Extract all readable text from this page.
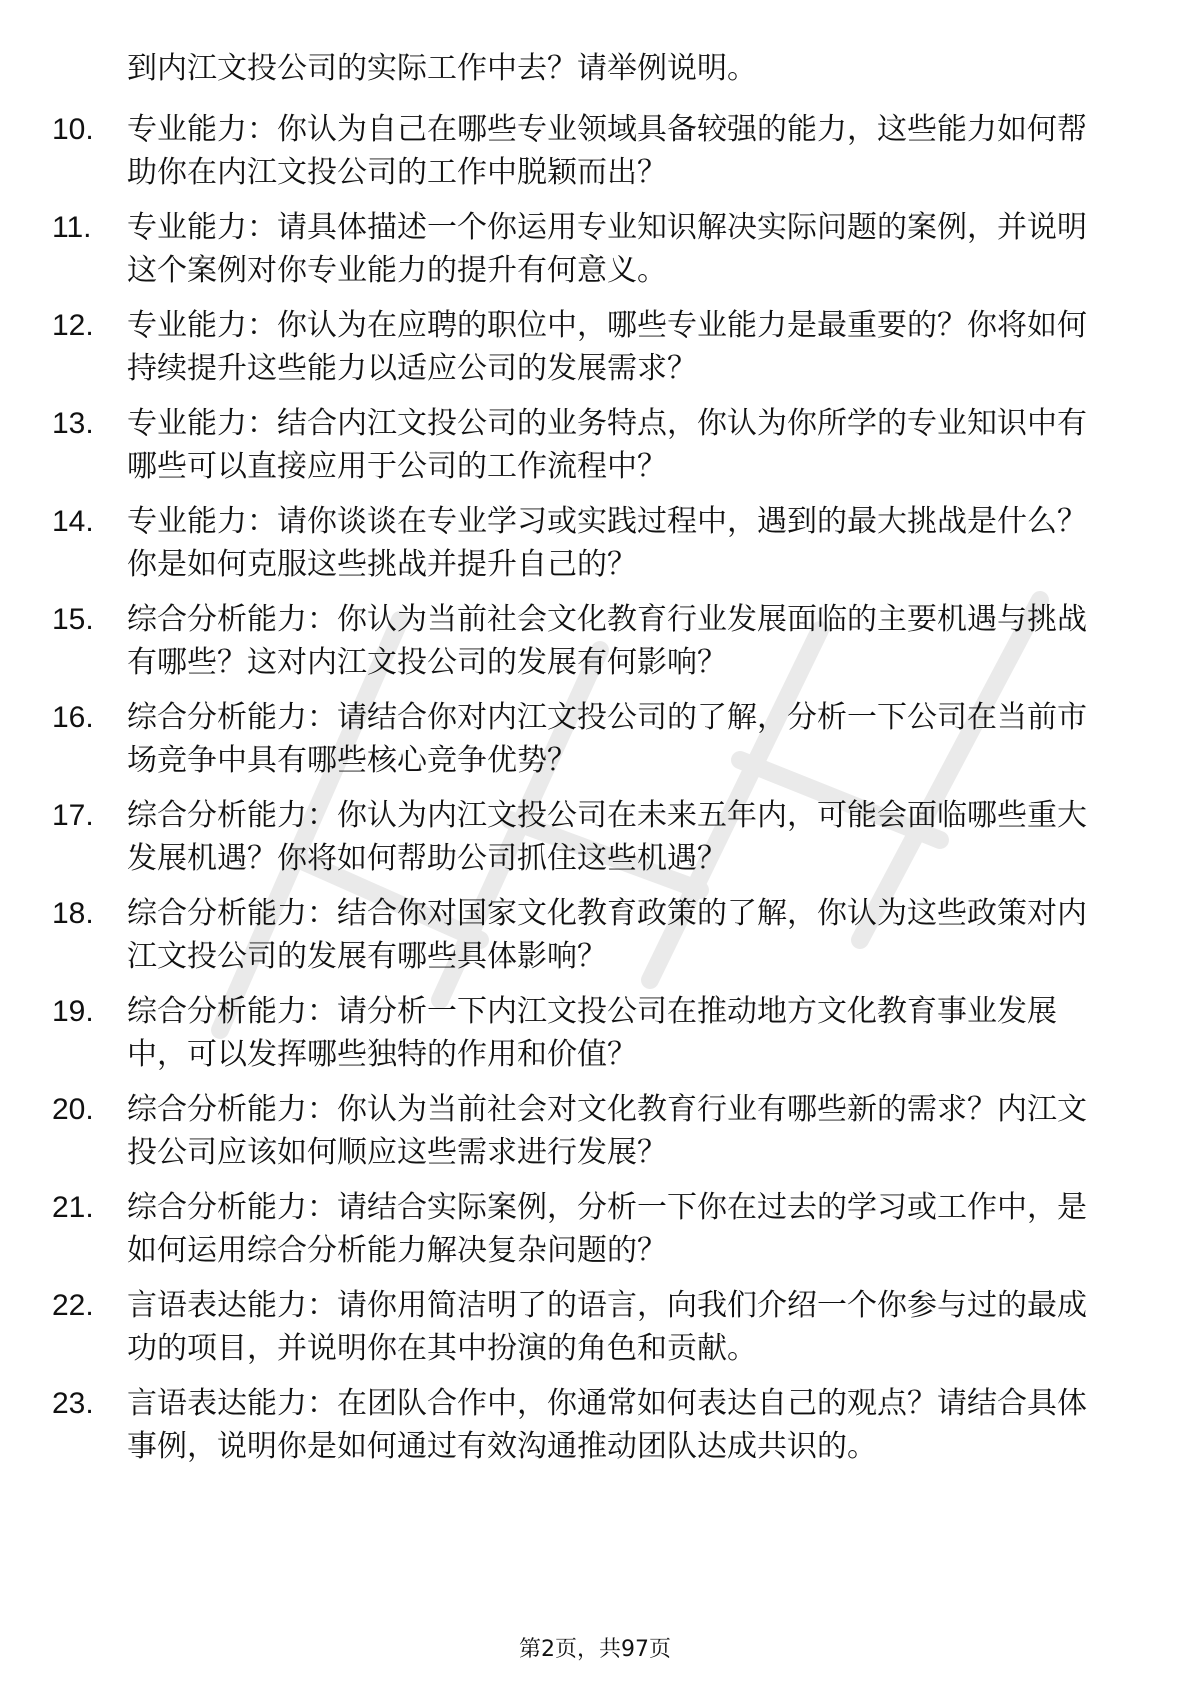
到内江文投公司的实际工作中去？请举例说明。
10.	专业能力：你认为自己在哪些专业领域具备较强的能力，这些能力如何帮助你在内江文投公司的工作中脱颖而出？
11.	专业能力：请具体描述一个你运用专业知识解决实际问题的案例，并说明这个案例对你专业能力的提升有何意义。
12.	专业能力：你认为在应聘的职位中，哪些专业能力是最重要的？你将如何持续提升这些能力以适应公司的发展需求？
13.	专业能力：结合内江文投公司的业务特点，你认为你所学的专业知识中有哪些可以直接应用于公司的工作流程中？
14.	专业能力：请你谈谈在专业学习或实践过程中，遇到的最大挑战是什么？你是如何克服这些挑战并提升自己的？
15.	综合分析能力：你认为当前社会文化教育行业发展面临的主要机遇与挑战有哪些？这对内江文投公司的发展有何影响？
16.	综合分析能力：请结合你对内江文投公司的了解，分析一下公司在当前市场竞争中具有哪些核心竞争优势？
17.	综合分析能力：你认为内江文投公司在未来五年内，可能会面临哪些重大发展机遇？你将如何帮助公司抓住这些机遇？
18.	综合分析能力：结合你对国家文化教育政策的了解，你认为这些政策对内江文投公司的发展有哪些具体影响？
19.	综合分析能力：请分析一下内江文投公司在推动地方文化教育事业发展中，可以发挥哪些独特的作用和价值？
20.	综合分析能力：你认为当前社会对文化教育行业有哪些新的需求？内江文投公司应该如何顺应这些需求进行发展？
21.	综合分析能力：请结合实际案例，分析一下你在过去的学习或工作中，是如何运用综合分析能力解决复杂问题的？
22.	言语表达能力：请你用简洁明了的语言，向我们介绍一个你参与过的最成功的项目，并说明你在其中扮演的角色和贡献。
23.	言语表达能力：在团队合作中，你通常如何表达自己的观点？请结合具体事例，说明你是如何通过有效沟通推动团队达成共识的。
第2页，共97页
